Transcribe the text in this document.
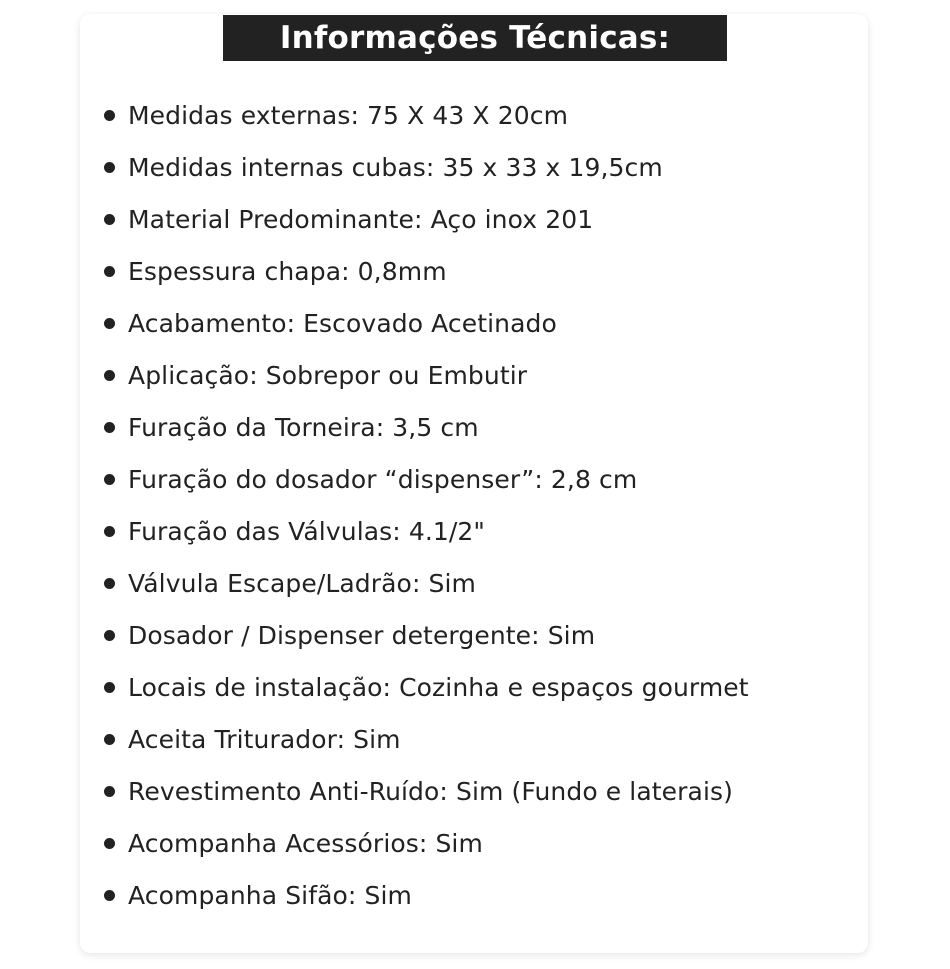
Informações Técnicas:
Medidas externas: 75 X 43 X 20cm
Medidas internas cubas: 35 x 33 x 19,5cm
Material Predominante: Aço inox 201
Espessura chapa: 0,8mm
Acabamento: Escovado Acetinado
Aplicação: Sobrepor ou Embutir
Furação da Torneira: 3,5 cm
Furação do dosador “dispenser”: 2,8 cm
Furação das Válvulas: 4.1/2"
Válvula Escape/Ladrão: Sim
Dosador / Dispenser detergente: Sim
Locais de instalação: Cozinha e espaços gourmet
Aceita Triturador: Sim
Revestimento Anti-Ruído: Sim (Fundo e laterais)
Acompanha Acessórios: Sim
Acompanha Sifão: Sim
